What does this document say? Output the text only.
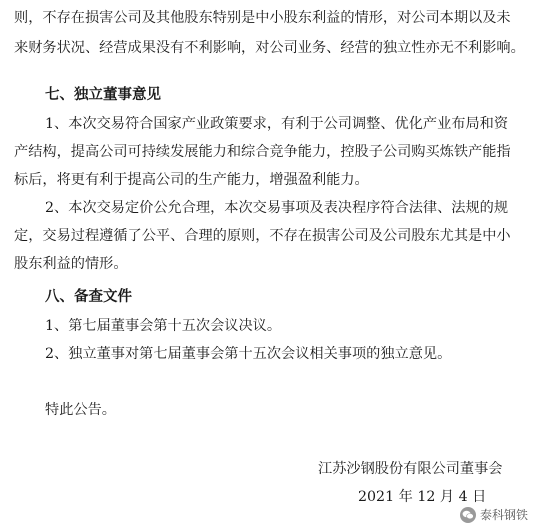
则，不存在损害公司及其他股东特别是中小股东利益的情形，对公司本期以及未
来财务状况、经营成果没有不利影响，对公司业务、经营的独立性亦无不利影响。
七、独立董事意见
1、本次交易符合国家产业政策要求，有利于公司调整、优化产业布局和资
产结构，提高公司可持续发展能力和综合竞争能力，控股子公司购买炼铁产能指
标后，将更有利于提高公司的生产能力，增强盈利能力。
2、本次交易定价公允合理，本次交易事项及表决程序符合法律、法规的规
定，交易过程遵循了公平、合理的原则，不存在损害公司及公司股东尤其是中小
股东利益的情形。
八、备查文件
1、第七届董事会第十五次会议决议。
2、独立董事对第七届董事会第十五次会议相关事项的独立意见。
特此公告。
江苏沙钢股份有限公司董事会
2021 年 12 月 4 日
泰科钢铁
